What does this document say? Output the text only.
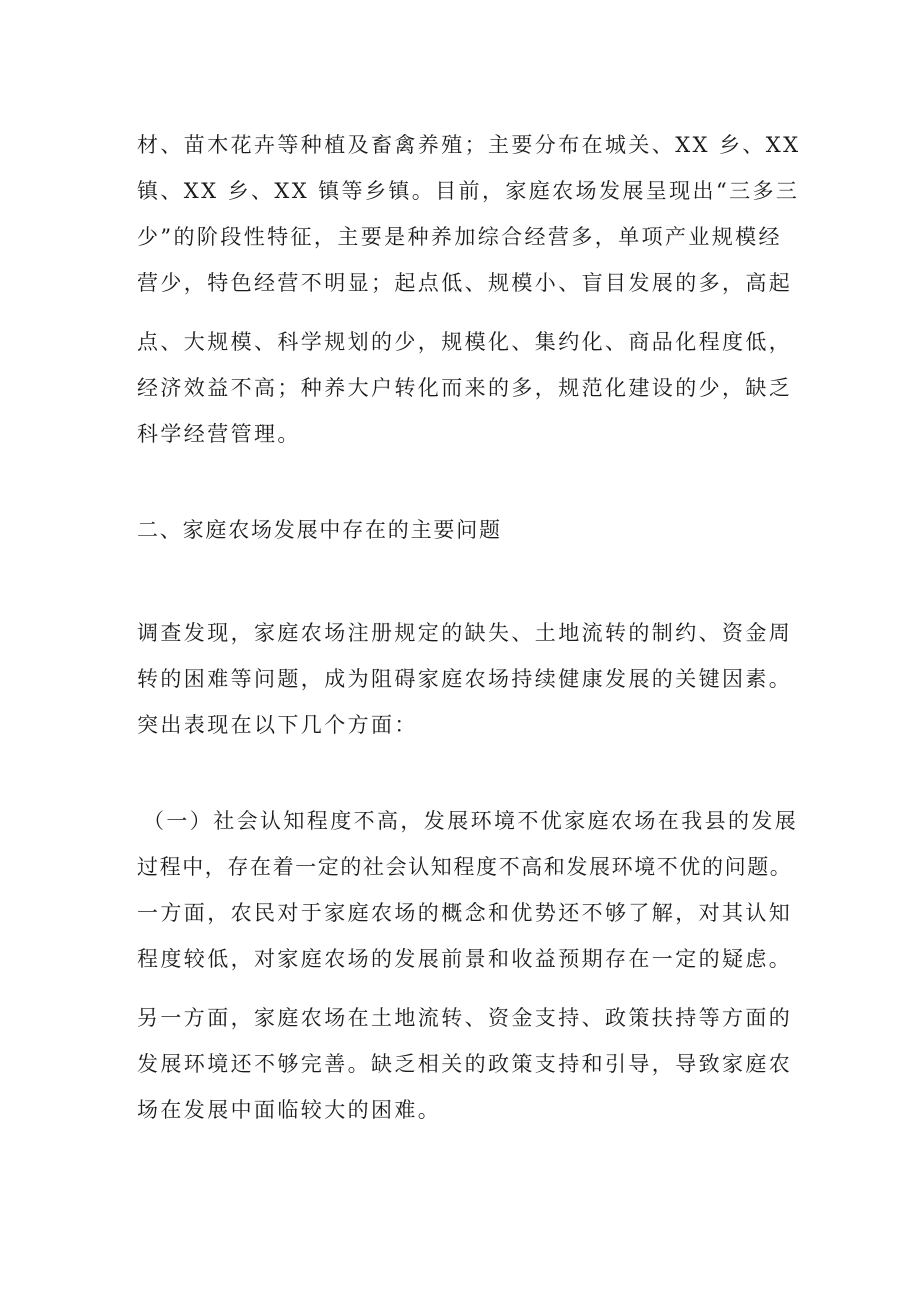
材、苗木花卉等种植及畜禽养殖；主要分布在城关、XX 乡、XX
镇、XX 乡、XX 镇等乡镇。目前，家庭农场发展呈现出“三多三
少”的阶段性特征，主要是种养加综合经营多，单项产业规模经
营少，特色经营不明显；起点低、规模小、盲目发展的多，高起
点、大规模、科学规划的少，规模化、集约化、商品化程度低，
经济效益不高；种养大户转化而来的多，规范化建设的少，缺乏
科学经营管理。
二、家庭农场发展中存在的主要问题
调查发现，家庭农场注册规定的缺失、土地流转的制约、资金周
转的困难等问题，成为阻碍家庭农场持续健康发展的关键因素。
突出表现在以下几个方面：
（一）社会认知程度不高，发展环境不优家庭农场在我县的发展
过程中，存在着一定的社会认知程度不高和发展环境不优的问题。
一方面，农民对于家庭农场的概念和优势还不够了解，对其认知
程度较低，对家庭农场的发展前景和收益预期存在一定的疑虑。
另一方面，家庭农场在土地流转、资金支持、政策扶持等方面的
发展环境还不够完善。缺乏相关的政策支持和引导，导致家庭农
场在发展中面临较大的困难。
